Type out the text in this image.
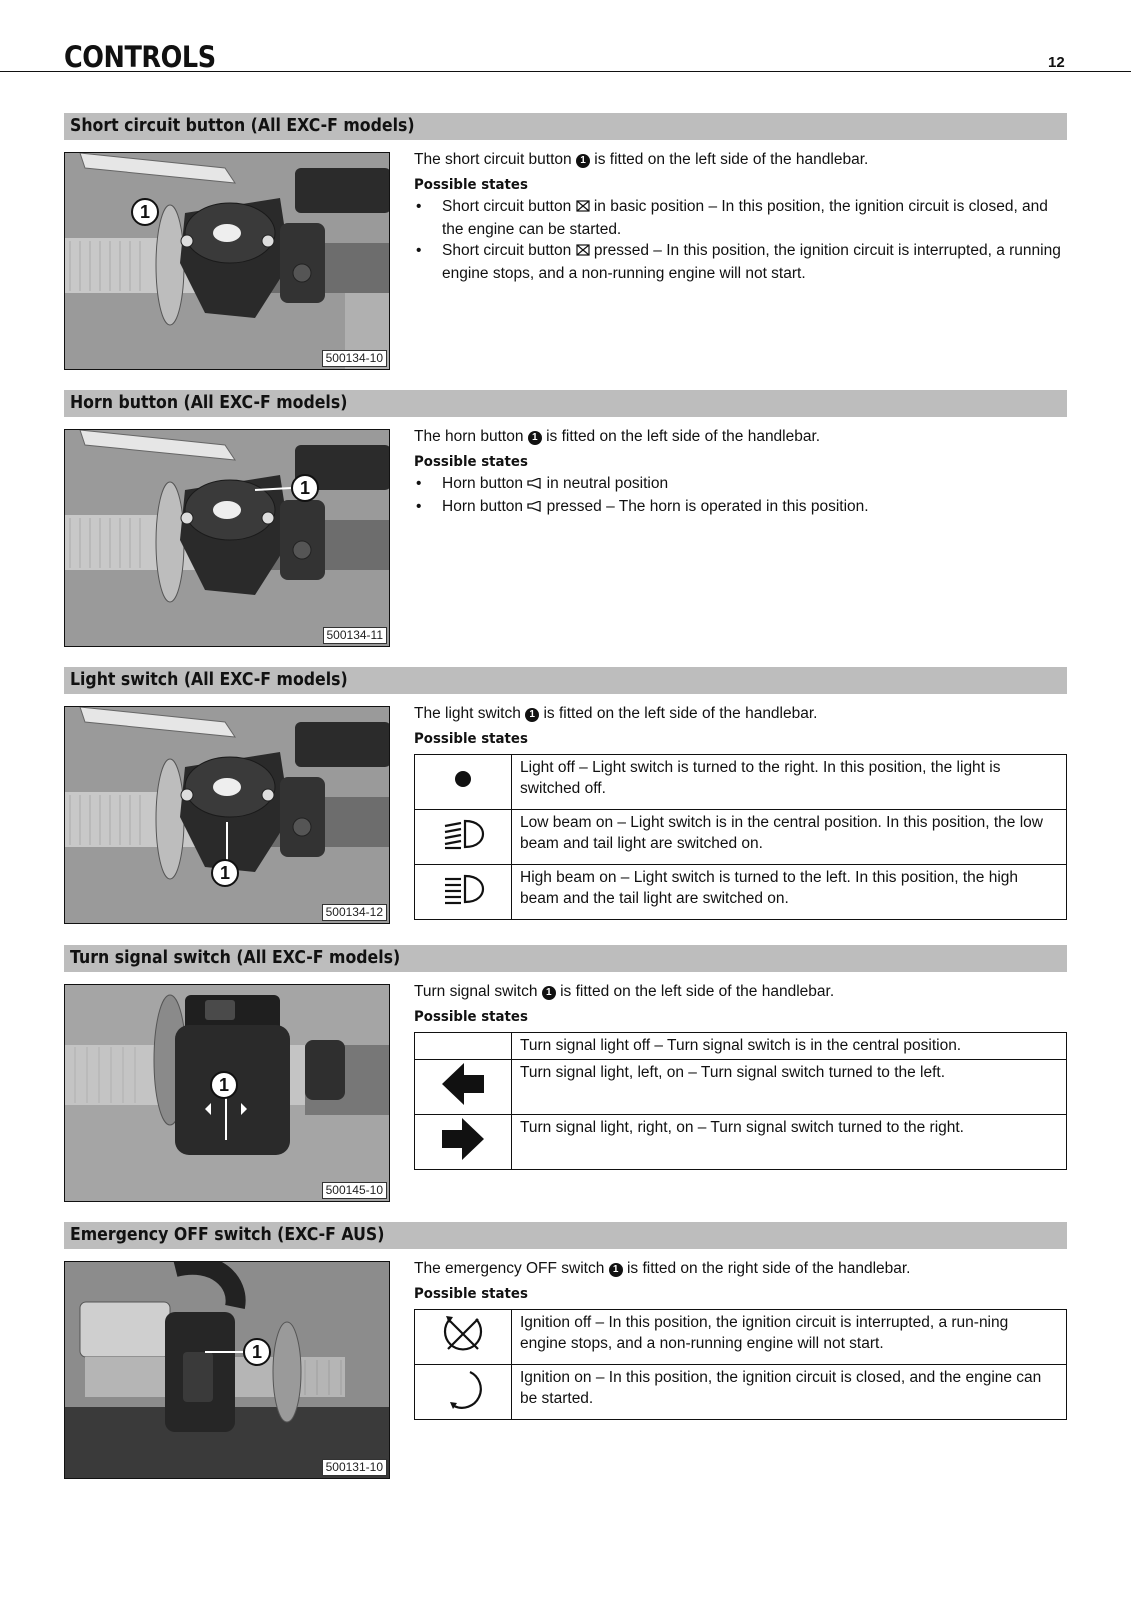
CONTROLS	12
Short circuit button (All EXC-F models)
1
500134-10
The short circuit button 1 is fitted on the left side of the handlebar.
Possible states
• Short circuit button in basic position – In this position, the ignition circuit is closed, and the engine can be started.
• Short circuit button pressed – In this position, the ignition circuit is interrupted, a running engine stops, and a non-running engine will not start.
Horn button (All EXC-F models)
1
500134-11
The horn button 1 is fitted on the left side of the handlebar.
Possible states
• Horn button in neutral position
• Horn button pressed – The horn is operated in this position.
Light switch (All EXC-F models)
1
500134-12
The light switch 1 is fitted on the left side of the handlebar.
Possible states
	Light off – Light switch is turned to the right. In this position, the light is switched off.
	Low beam on – Light switch is in the central position. In this position, the low beam and tail light are switched on.
	High beam on – Light switch is turned to the left. In this position, the high beam and the tail light are switched on.
Turn signal switch (All EXC-F models)
1
500145-10
Turn signal switch 1 is fitted on the left side of the handlebar.
Possible states
	Turn signal light off – Turn signal switch is in the central position.
	Turn signal light, left, on – Turn signal switch turned to the left.
	Turn signal light, right, on – Turn signal switch turned to the right.
Emergency OFF switch (EXC-F AUS)
1
500131-10
The emergency OFF switch 1 is fitted on the right side of the handlebar.
Possible states
	Ignition off – In this position, the ignition circuit is interrupted, a run-ning engine stops, and a non-running engine will not start.
	Ignition on – In this position, the ignition circuit is closed, and the engine can be started.
